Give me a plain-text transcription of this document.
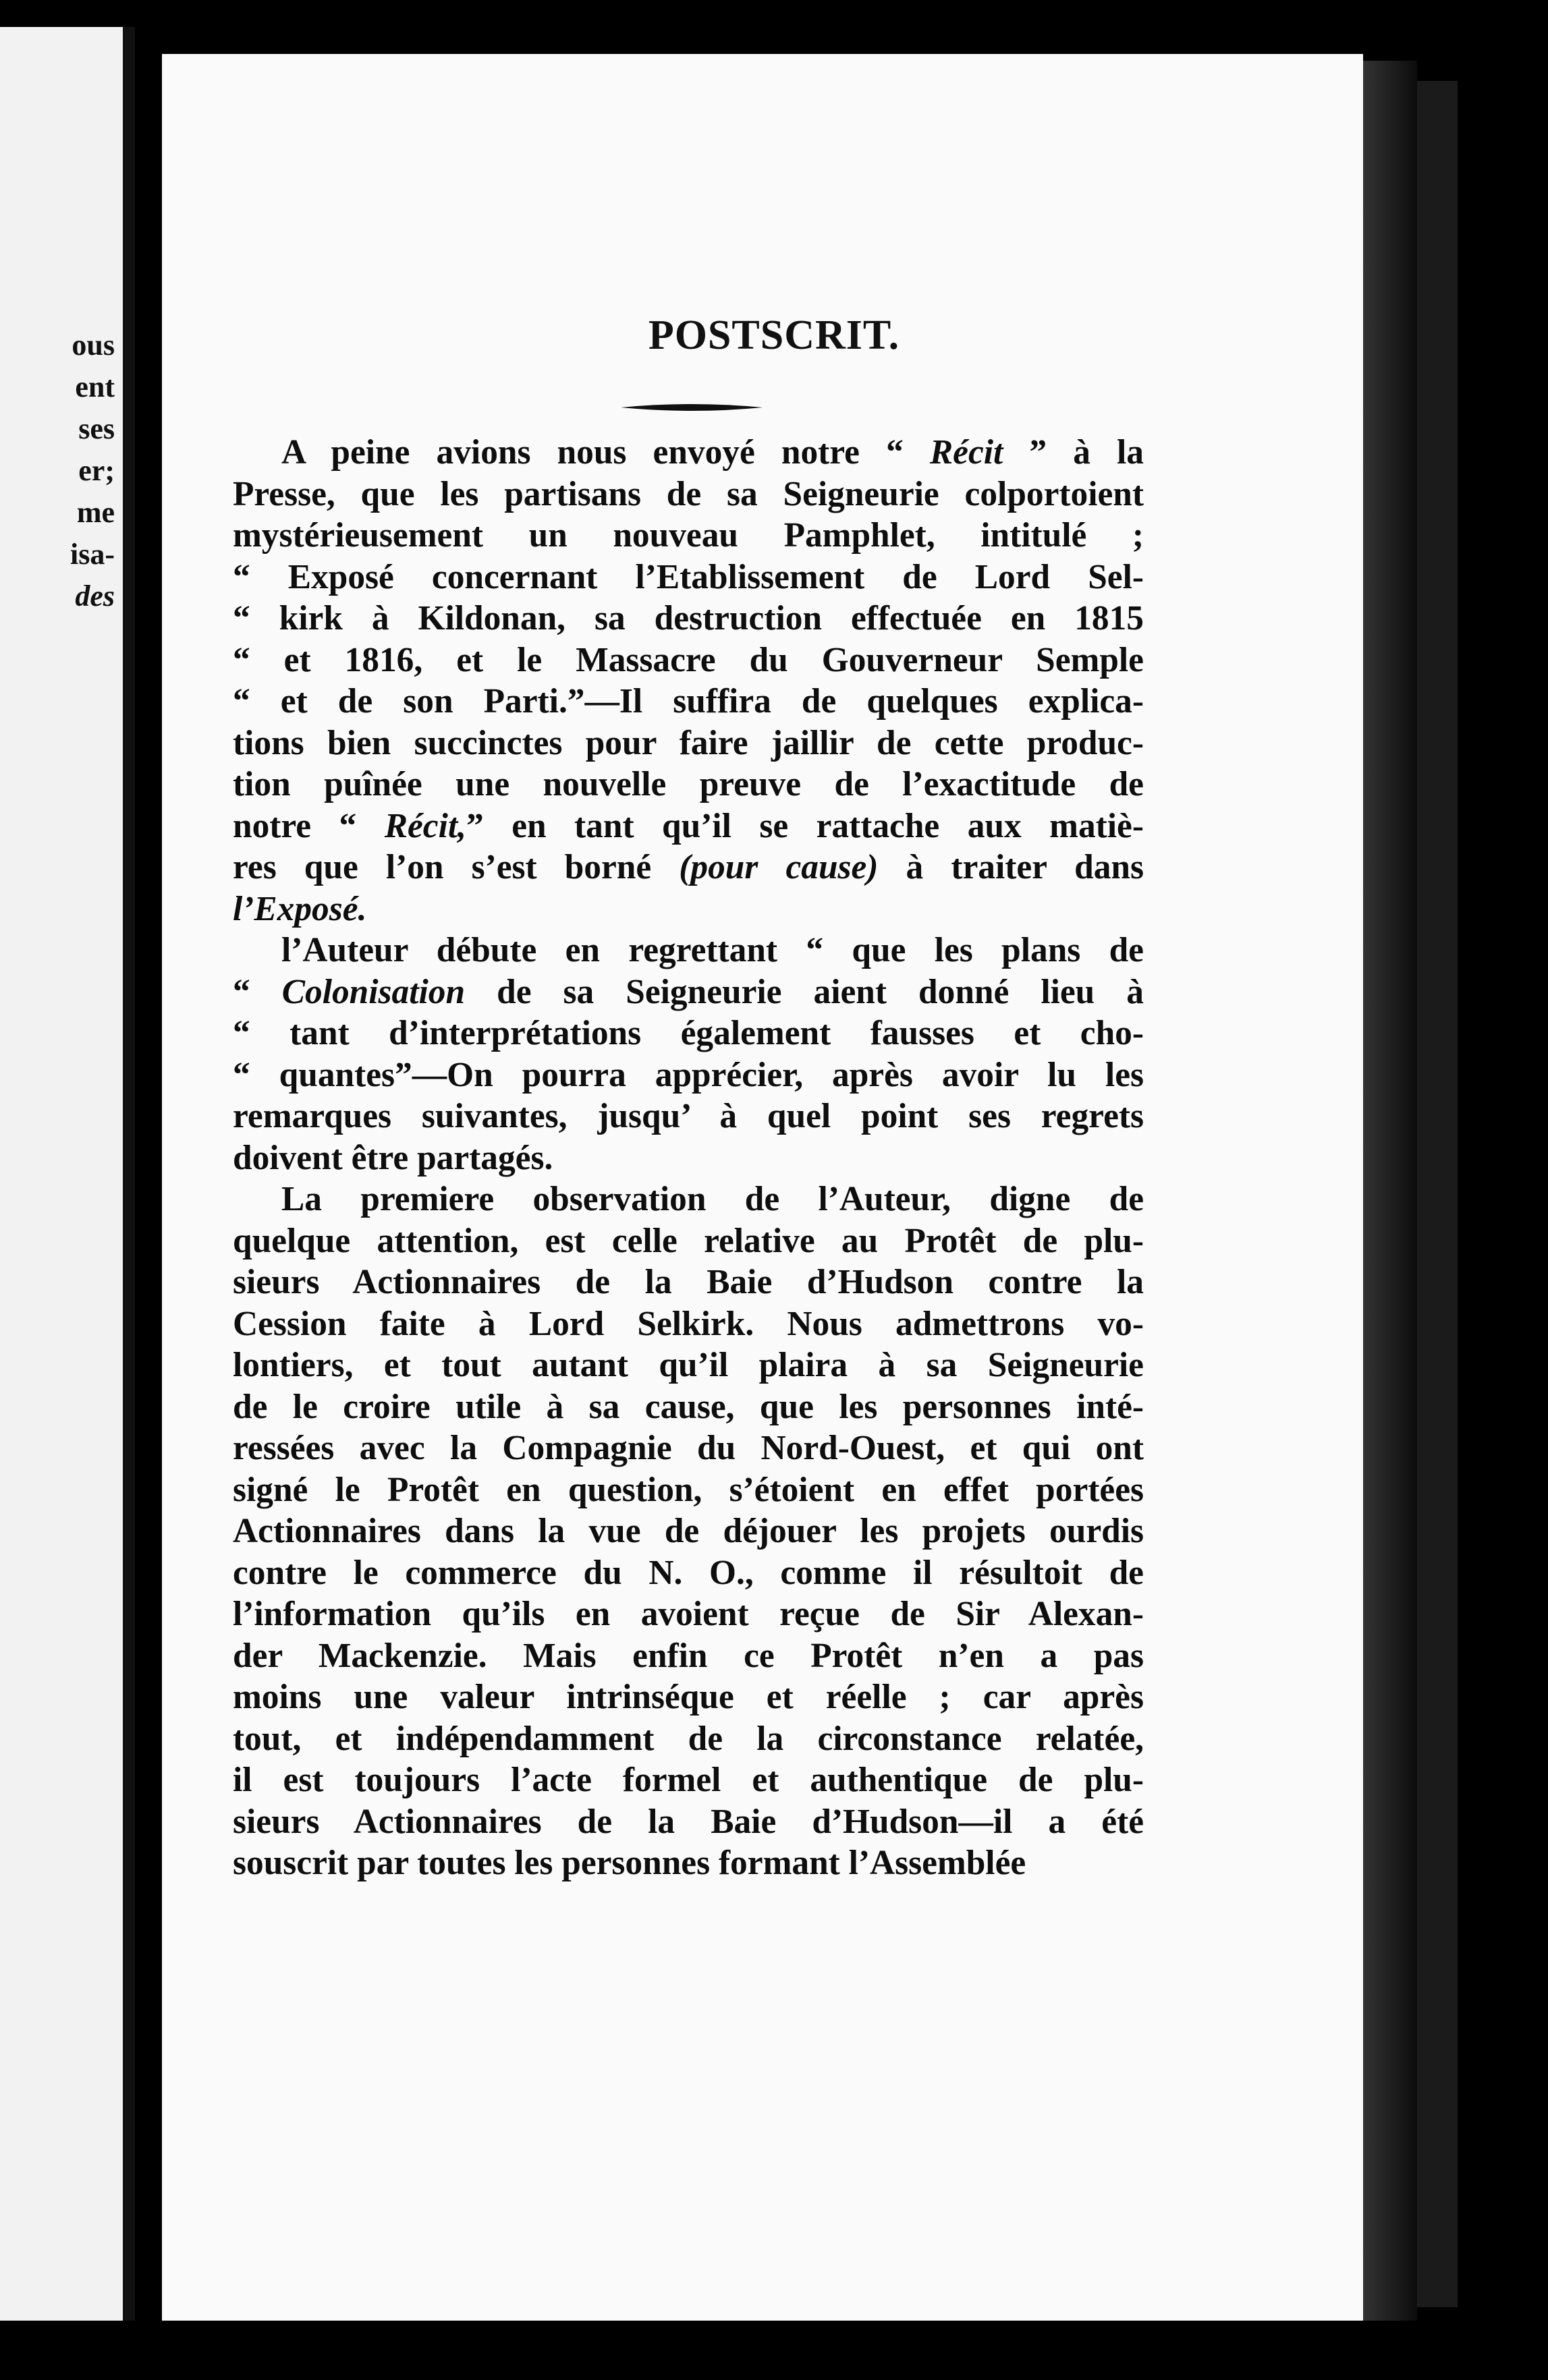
ous
ent
ses
er;
me
isa-
des
POSTSCRIT.

A peine avions nous envoyé notre “ Récit ” à la
Presse, que les partisans de sa Seigneurie colportoient
mystérieusement un nouveau Pamphlet, intitulé ;
“ Exposé concernant l’Etablissement de Lord Sel-
“ kirk à Kildonan, sa destruction effectuée en 1815
“ et 1816, et le Massacre du Gouverneur Semple
“ et de son Parti.”—Il suffira de quelques explica-
tions bien succinctes pour faire jaillir de cette produc-
tion puînée une nouvelle preuve de l’exactitude de
notre “ Récit,” en tant qu’il se rattache aux matiè-
res que l’on s’est borné (pour cause) à traiter dans
l’Exposé.

l’Auteur débute en regrettant “ que les plans de
“ Colonisation de sa Seigneurie aient donné lieu à
“ tant d’interprétations également fausses et cho-
“ quantes”—On pourra apprécier, après avoir lu les
remarques suivantes, jusqu’ à quel point ses regrets
doivent être partagés.

La premiere observation de l’Auteur, digne de
quelque attention, est celle relative au Protêt de plu-
sieurs Actionnaires de la Baie d’Hudson contre la
Cession faite à Lord Selkirk. Nous admettrons vo-
lontiers, et tout autant qu’il plaira à sa Seigneurie
de le croire utile à sa cause, que les personnes inté-
ressées avec la Compagnie du Nord-Ouest, et qui ont
signé le Protêt en question, s’étoient en effet portées
Actionnaires dans la vue de déjouer les projets ourdis
contre le commerce du N. O., comme il résultoit de
l’information qu’ils en avoient reçue de Sir Alexan-
der Mackenzie. Mais enfin ce Protêt n’en a pas
moins une valeur intrinséque et réelle ; car après
tout, et indépendamment de la circonstance relatée,
il est toujours l’acte formel et authentique de plu-
sieurs Actionnaires de la Baie d’Hudson—il a été
souscrit par toutes les personnes formant l’Assemblée
